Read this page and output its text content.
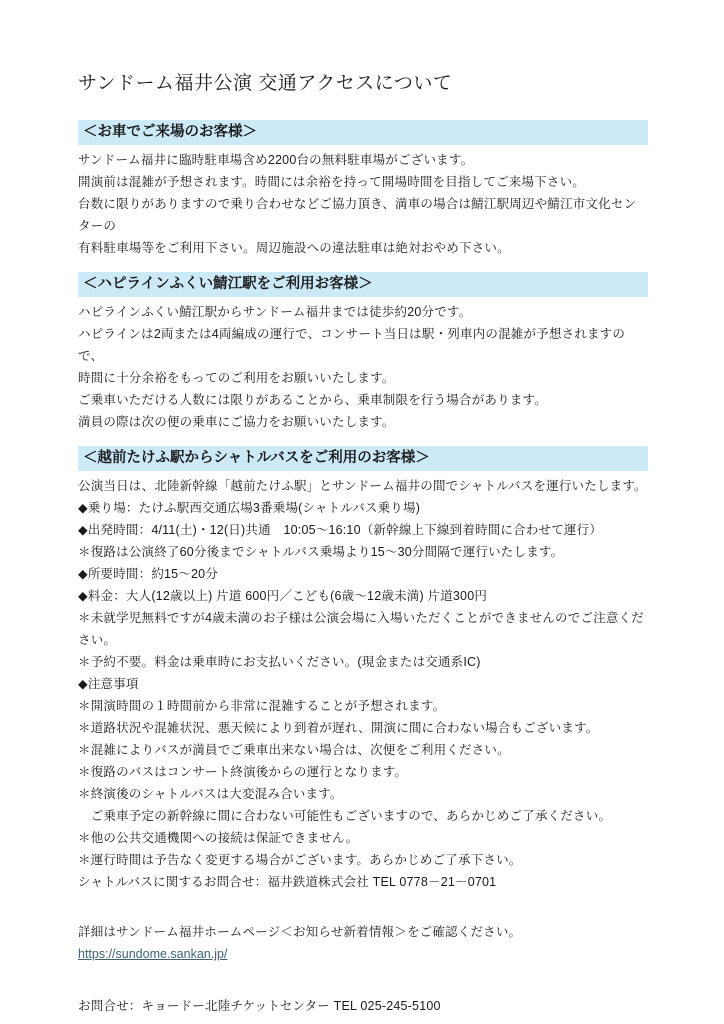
サンドーム福井公演 交通アクセスについて
＜お車でご来場のお客様＞

サンドーム福井に臨時駐車場含め2200台の無料駐車場がございます。

開演前は混雑が予想されます。時間には余裕を持って開場時間を目指してご来場下さい。

台数に限りがありますので乗り合わせなどご協力頂き、満車の場合は鯖江駅周辺や鯖江市文化センターの

有料駐車場等をご利用下さい。周辺施設への違法駐車は絶対おやめ下さい。

＜ハピラインふくい鯖江駅をご利用お客様＞

ハピラインふくい鯖江駅からサンドーム福井までは徒歩約20分です。

ハピラインは2両または4両編成の運行で、コンサート当日は駅・列車内の混雑が予想されますので、

時間に十分余裕をもってのご利用をお願いいたします。

ご乗車いただける人数には限りがあることから、乗車制限を行う場合があります。

満員の際は次の便の乗車にご協力をお願いいたします。

＜越前たけふ駅からシャトルバスをご利用のお客様＞

公演当日は、北陸新幹線「越前たけふ駅」とサンドーム福井の間でシャトルバスを運行いたします。

◆乗り場：たけふ駅西交通広場3番乗場(シャトルバス乗り場)

◆出発時間：4/11(土)・12(日)共通　10:05～16:10（新幹線上下線到着時間に合わせて運行）

＊復路は公演終了60分後までシャトルバス乗場より15～30分間隔で運行いたします。

◆所要時間：約15～20分

◆料金：大人(12歳以上) 片道 600円／こども(6歳～12歳未満) 片道300円

＊未就学児無料ですが4歳未満のお子様は公演会場に入場いただくことができませんのでご注意ください。

＊予約不要。料金は乗車時にお支払いください。(現金または交通系IC)

◆注意事項

＊開演時間の１時間前から非常に混雑することが予想されます。

＊道路状況や混雑状況、悪天候により到着が遅れ、開演に間に合わない場合もございます。

＊混雑によりバスが満員でご乗車出来ない場合は、次便をご利用ください。

＊復路のバスはコンサート終演後からの運行となります。

＊終演後のシャトルバスは大変混み合います。

　ご乗車予定の新幹線に間に合わない可能性もございますので、あらかじめご了承ください。

＊他の公共交通機関への接続は保証できません。

＊運行時間は予告なく変更する場合がございます。あらかじめご了承下さい。

シャトルバスに関するお問合せ：福井鉄道株式会社 TEL 0778－21－0701

詳細はサンドーム福井ホームページ＜お知らせ新着情報＞をご確認ください。

https://sundome.sankan.jp/

お問合せ：キョードー北陸チケットセンター TEL 025-245-5100
